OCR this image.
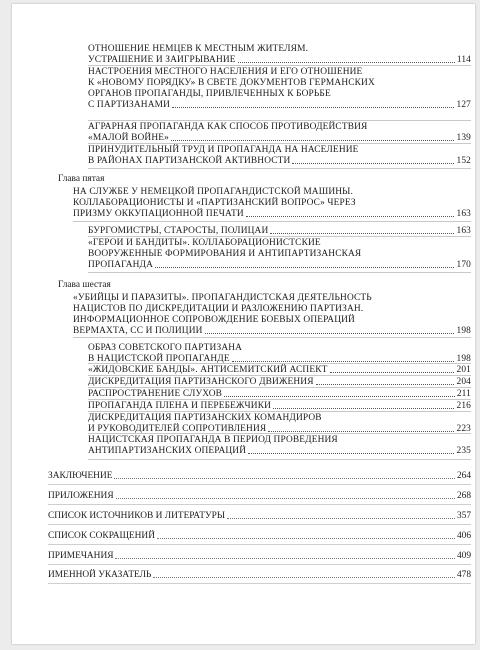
ОТНОШЕНИЕ НЕМЦЕВ К МЕСТНЫМ ЖИТЕЛЯМ.
УСТРАШЕНИЕ И ЗАИГРЫВАНИЕ	114
НАСТРОЕНИЯ МЕСТНОГО НАСЕЛЕНИЯ И ЕГО ОТНОШЕНИЕ
К «НОВОМУ ПОРЯДКУ» В СВЕТЕ ДОКУМЕНТОВ ГЕРМАНСКИХ
ОРГАНОВ ПРОПАГАНДЫ, ПРИВЛЕЧЕННЫХ К БОРЬБЕ
С ПАРТИЗАНАМИ	127
АГРАРНАЯ ПРОПАГАНДА КАК СПОСОБ ПРОТИВОДЕЙСТВИЯ
«МАЛОЙ ВОЙНЕ»	139
ПРИНУДИТЕЛЬНЫЙ ТРУД И ПРОПАГАНДА НА НАСЕЛЕНИЕ
В РАЙОНАХ ПАРТИЗАНСКОЙ АКТИВНОСТИ	152
НА СЛУЖБЕ У НЕМЕЦКОЙ ПРОПАГАНДИСТСКОЙ МАШИНЫ.
КОЛЛАБОРАЦИОНИСТЫ И «ПАРТИЗАНСКИЙ ВОПРОС» ЧЕРЕЗ
ПРИЗМУ ОККУПАЦИОННОЙ ПЕЧАТИ	163
БУРГОМИСТРЫ, СТАРОСТЫ, ПОЛИЦАИ	163
«ГЕРОИ И БАНДИТЫ». КОЛЛАБОРАЦИОНИСТСКИЕ
ВООРУЖЕННЫЕ ФОРМИРОВАНИЯ И АНТИПАРТИЗАНСКАЯ
ПРОПАГАНДА	170
«УБИЙЦЫ И ПАРАЗИТЫ». ПРОПАГАНДИСТСКАЯ ДЕЯТЕЛЬНОСТЬ
НАЦИСТОВ ПО ДИСКРЕДИТАЦИИ И РАЗЛОЖЕНИЮ ПАРТИЗАН.
ИНФОРМАЦИОННОЕ СОПРОВОЖДЕНИЕ БОЕВЫХ ОПЕРАЦИЙ
ВЕРМАХТА, СС И ПОЛИЦИИ	198
ОБРАЗ СОВЕТСКОГО ПАРТИЗАНА
В НАЦИСТСКОЙ ПРОПАГАНДЕ	198
«ЖИДОВСКИЕ БАНДЫ». АНТИСЕМИТСКИЙ АСПЕКТ	201
ДИСКРЕДИТАЦИЯ ПАРТИЗАНСКОГО ДВИЖЕНИЯ	204
РАСПРОСТРАНЕНИЕ СЛУХОВ	211
ПРОПАГАНДА ПЛЕНА И ПЕРЕБЕЖЧИКИ	216
ДИСКРЕДИТАЦИЯ ПАРТИЗАНСКИХ КОМАНДИРОВ
И РУКОВОДИТЕЛЕЙ СОПРОТИВЛЕНИЯ	223
НАЦИСТСКАЯ ПРОПАГАНДА В ПЕРИОД ПРОВЕДЕНИЯ
АНТИПАРТИЗАНСКИХ ОПЕРАЦИЙ	235
Глава пятая
Глава шестая
ЗАКЛЮЧЕНИЕ	264
ПРИЛОЖЕНИЯ	268
СПИСОК ИСТОЧНИКОВ И ЛИТЕРАТУРЫ	357
СПИСОК СОКРАЩЕНИЙ	406
ПРИМЕЧАНИЯ	409
ИМЕННОЙ УКАЗАТЕЛЬ	478
